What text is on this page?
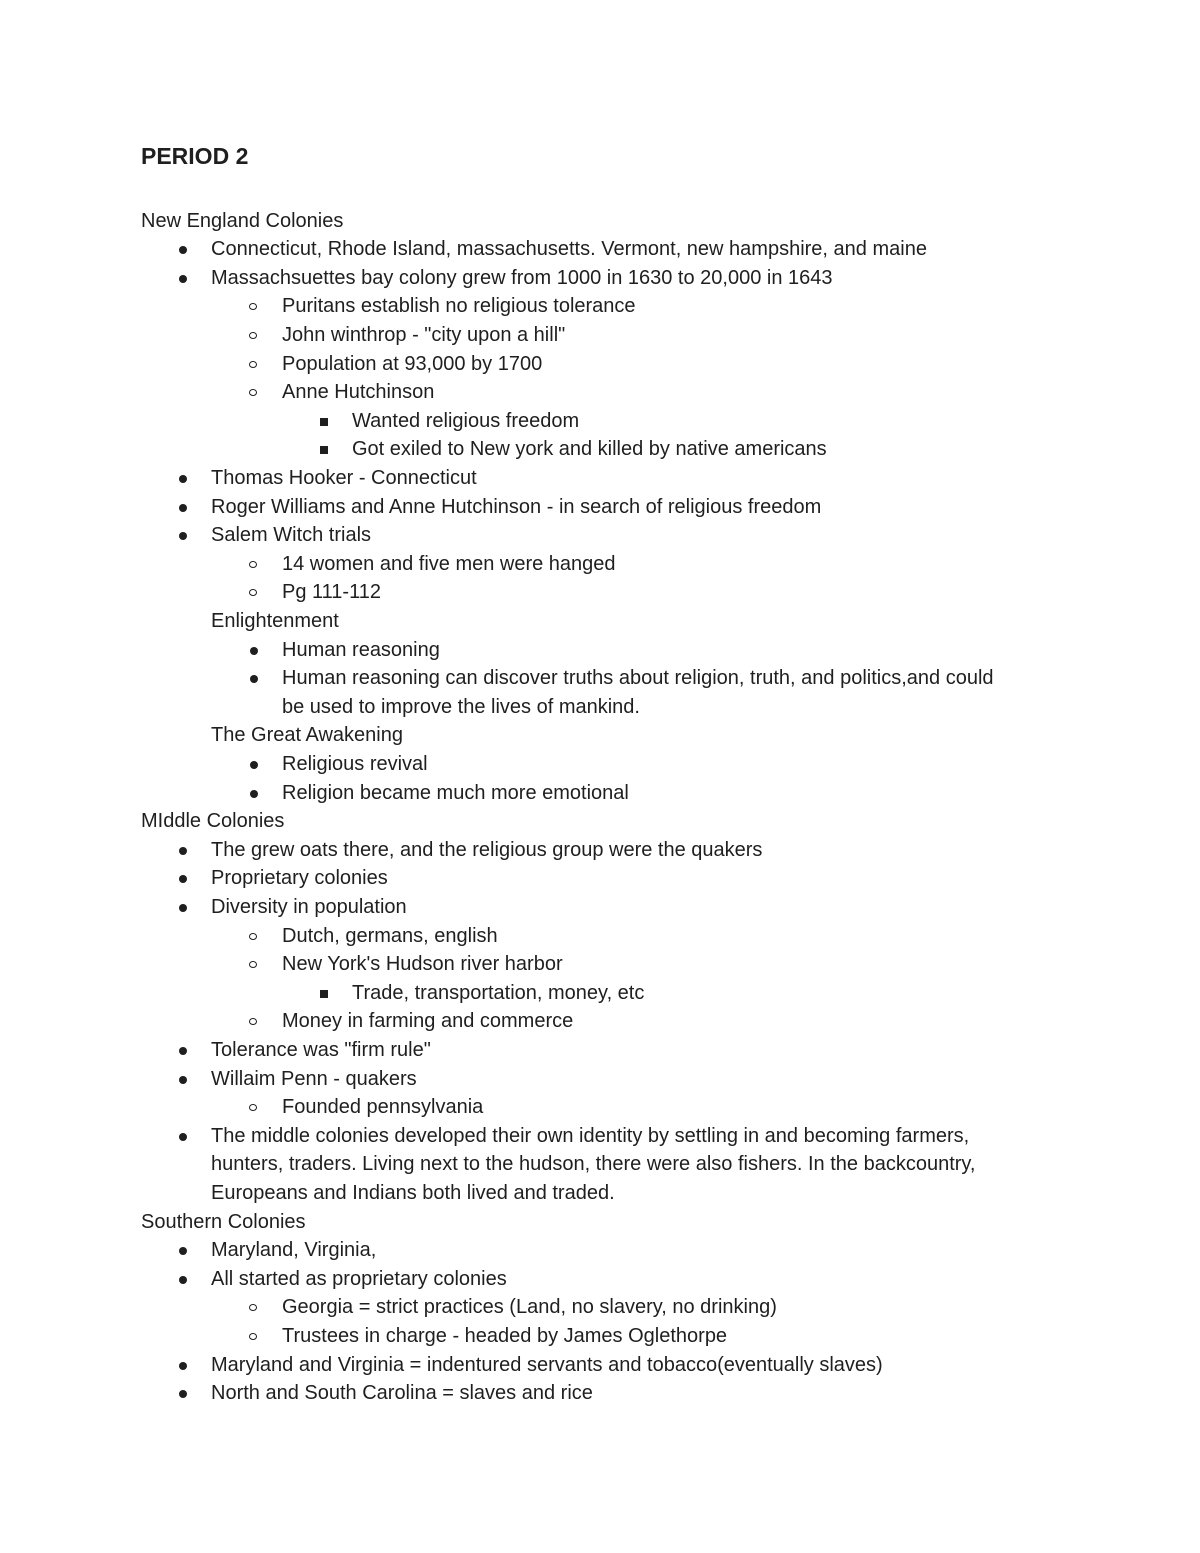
PERIOD 2
New England Colonies
Connecticut, Rhode Island, massachusetts. Vermont, new hampshire, and maine
Massachsuettes bay colony grew from 1000 in 1630 to 20,000 in 1643
Puritans establish no religious tolerance
John winthrop - "city upon a hill"
Population at 93,000 by 1700
Anne Hutchinson
Wanted religious freedom
Got exiled to New york and killed by native americans
Thomas Hooker - Connecticut
Roger Williams and Anne Hutchinson - in search of religious freedom
Salem Witch trials
14 women and five men were hanged
Pg 111-112
Enlightenment
Human reasoning
Human reasoning can discover truths about religion, truth, and politics,and could
be used to improve the lives of mankind.
The Great Awakening
Religious revival
Religion became much more emotional
MIddle Colonies
The grew oats there, and the religious group were the quakers
Proprietary colonies
Diversity in population
Dutch, germans, english
New York's Hudson river harbor
Trade, transportation, money, etc
Money in farming and commerce
Tolerance was "firm rule"
Willaim Penn - quakers
Founded pennsylvania
The middle colonies developed their own identity by settling in and becoming farmers,
hunters, traders. Living next to the hudson, there were also fishers. In the backcountry,
Europeans and Indians both lived and traded.
Southern Colonies
Maryland, Virginia,
All started as proprietary colonies
Georgia = strict practices (Land, no slavery, no drinking)
Trustees in charge - headed by James Oglethorpe
Maryland and Virginia = indentured servants and tobacco(eventually slaves)
North and South Carolina = slaves and rice
